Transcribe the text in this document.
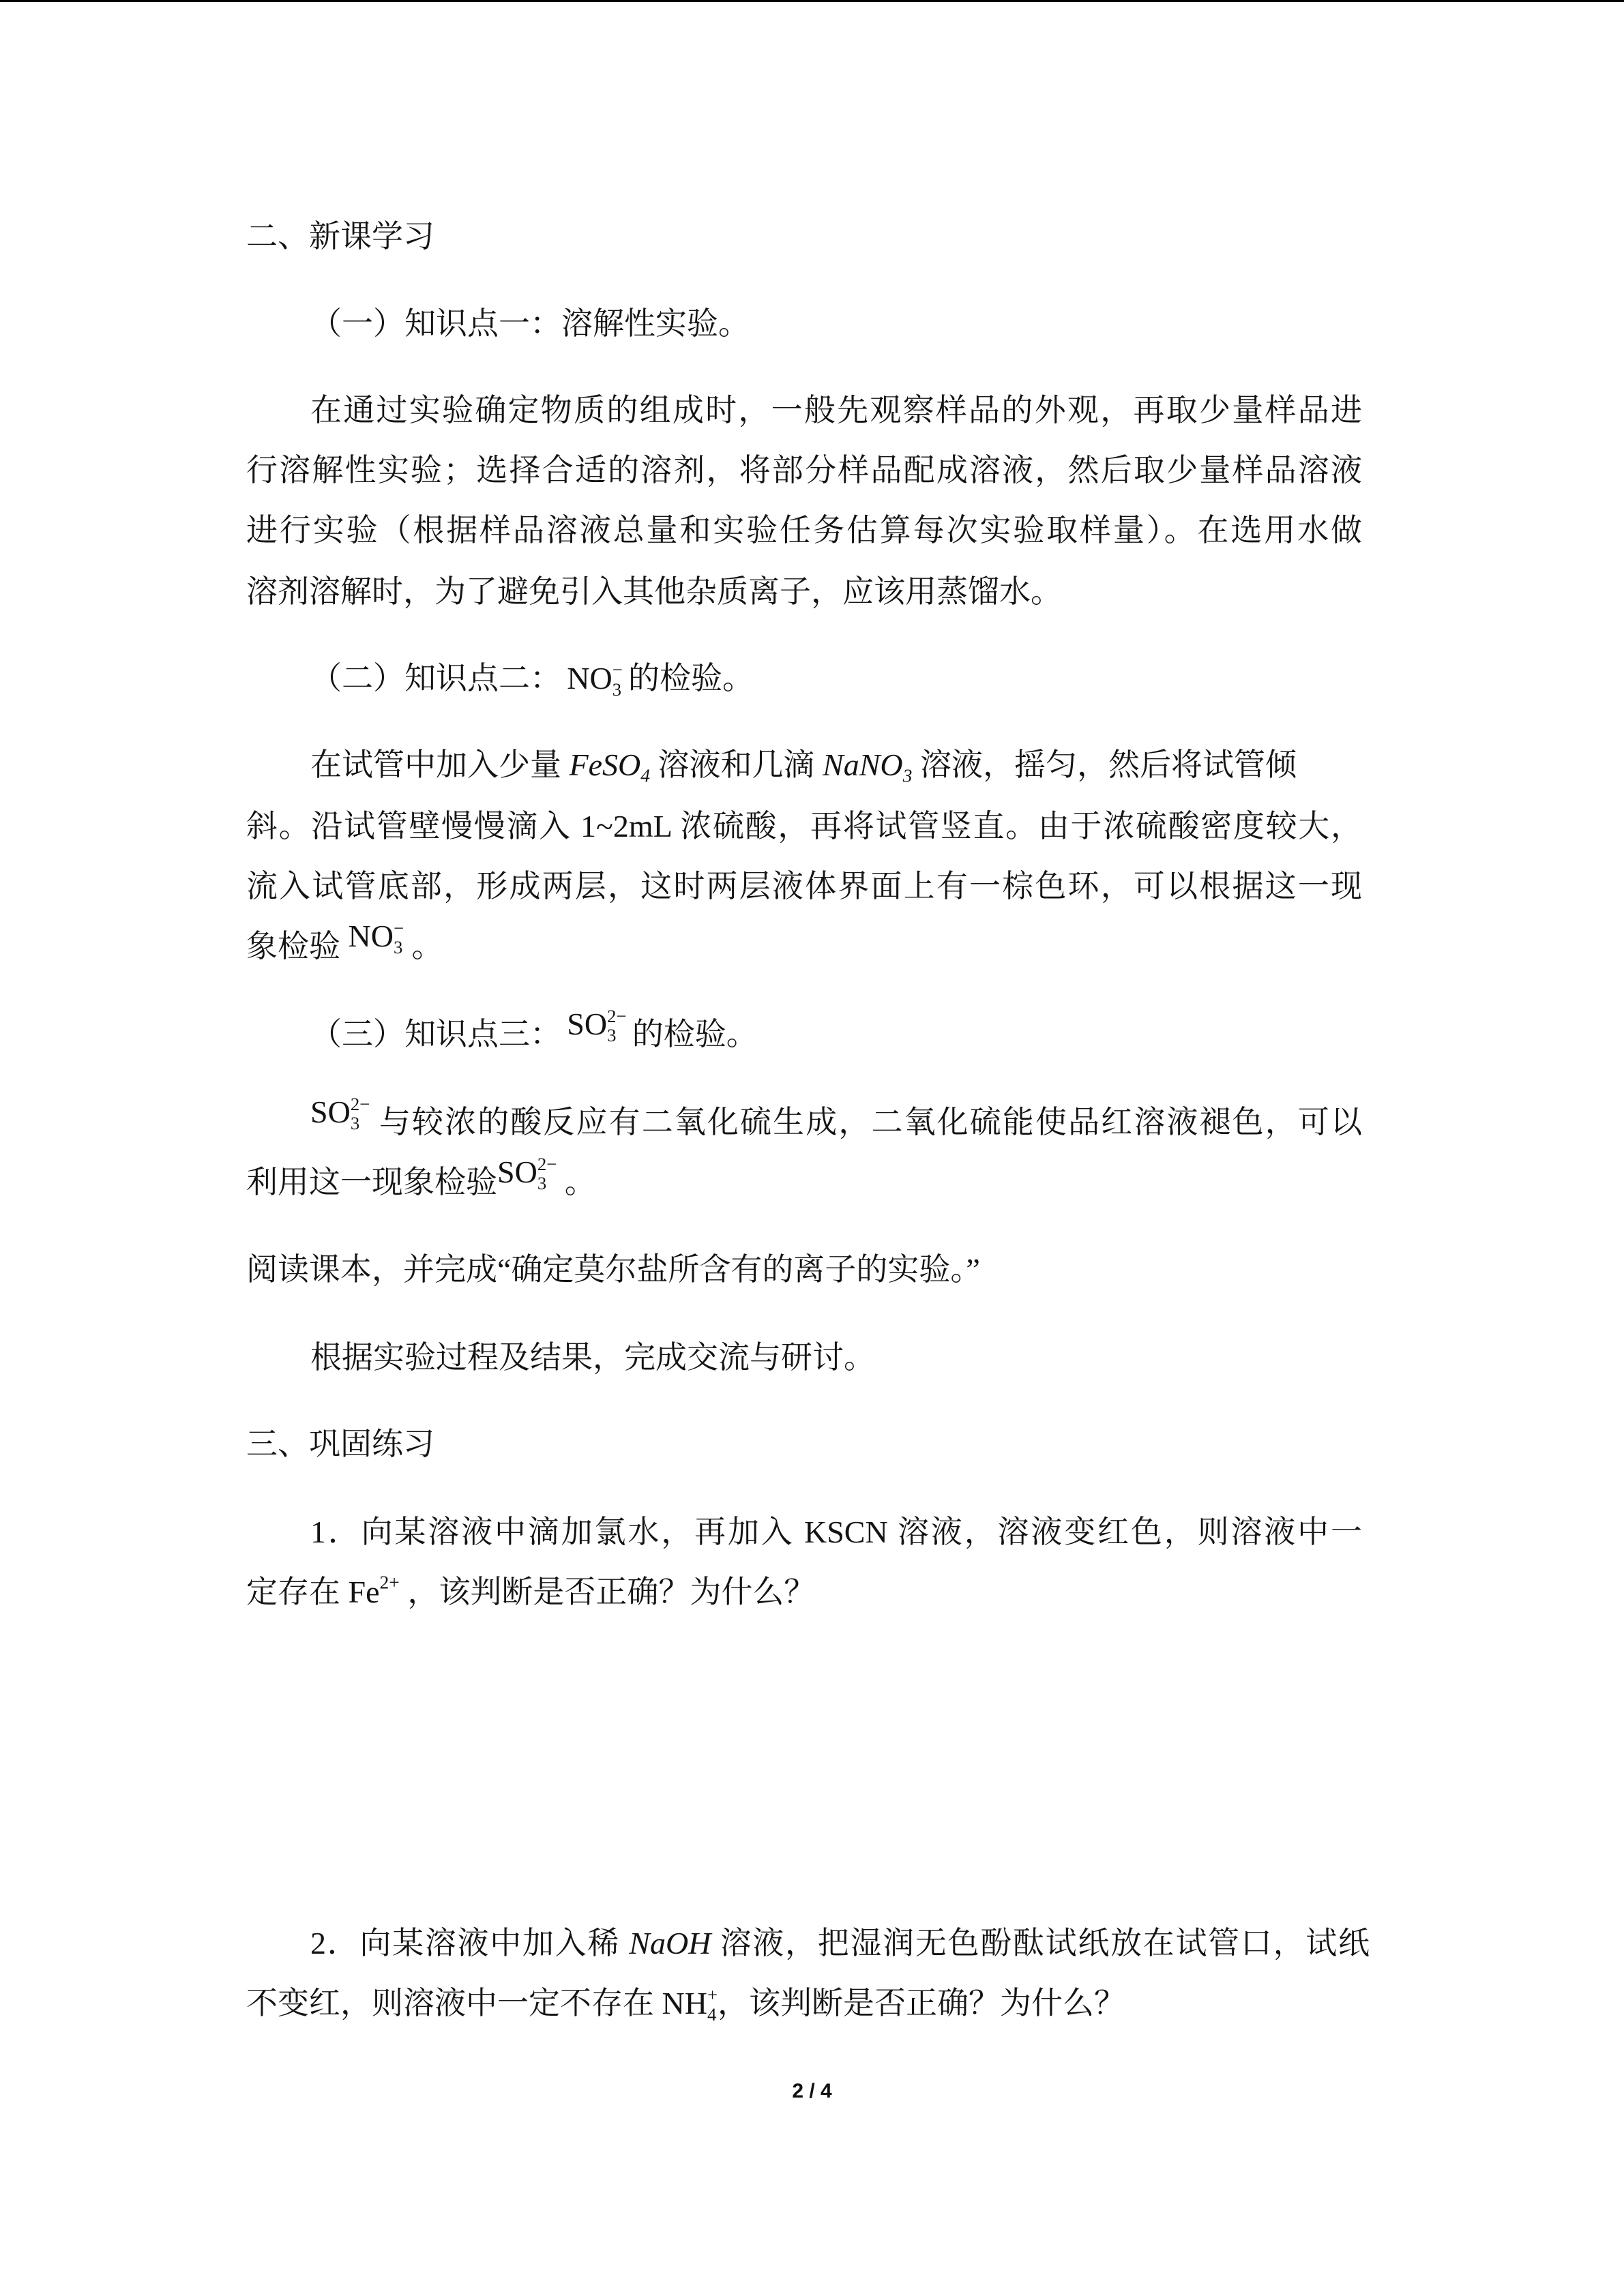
二、新课学习
（一）知识点一：溶解性实验。
在通过实验确定物质的组成时，一般先观察样品的外观，再取少量样品进
行溶解性实验；选择合适的溶剂，将部分样品配成溶液，然后取少量样品溶液
进行实验（根据样品溶液总量和实验任务估算每次实验取样量）。在选用水做
溶剂溶解时，为了避免引入其他杂质离子，应该用蒸馏水。
（二）知识点二： NO −
3 的检验。
在试管中加入少量 FeSO$_4$ 溶液和几滴 NaNO$_3$ 溶液，摇匀，然后将试管倾
斜。沿试管壁慢慢滴入 1~2mL 浓硫酸，再将试管竖直。由于浓硫酸密度较大，
流入试管底部，形成两层，这时两层液体界面上有一棕色环，可以根据这一现
象检验 NO −
3 。
（三）知识点三： SO 2−
3 的检验。
SO 2−
3 与较浓的酸反应有二氧化硫生成，二氧化硫能使品红溶液褪色，可以
利用这一现象检验SO 2−
3 。
阅读课本，并完成“确定莫尔盐所含有的离子的实验。”
根据实验过程及结果，完成交流与研讨。
三、巩固练习
1．向某溶液中滴加氯水，再加入 KSCN 溶液，溶液变红色，则溶液中一
定存在 $Fe^{2+}$ ，该判断是否正确？为什么？
2．向某溶液中加入稀 NaOH 溶液，把湿润无色酚酞试纸放在试管口，试纸
不变红，则溶液中一定不存在 NH +
4 ，该判断是否正确？为什么？
2 / 4
